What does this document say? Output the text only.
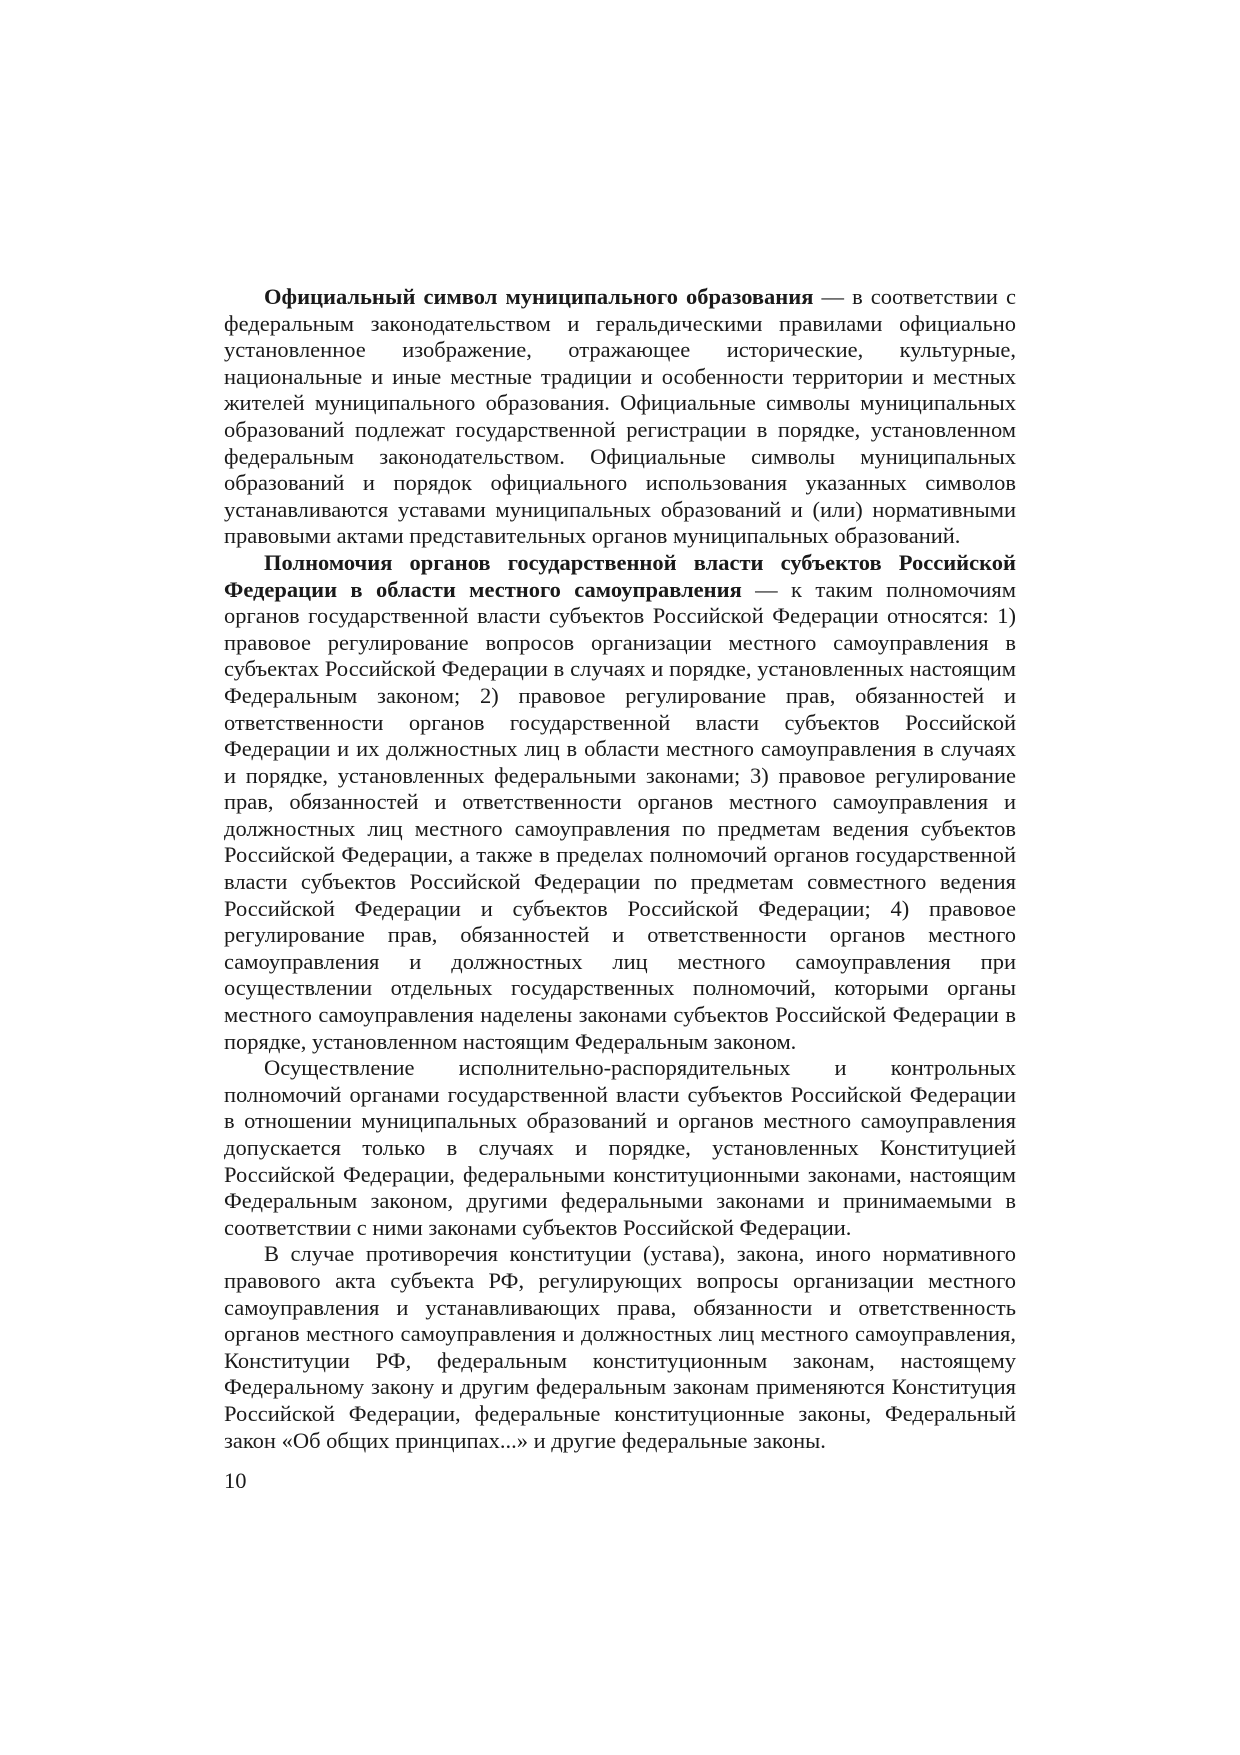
Официальный символ муниципального образования — в соответствии с федеральным законодательством и геральдическими правилами официально установленное изображение, отражающее исторические, культурные, национальные и иные местные традиции и особенности территории и местных жителей муниципального образования. Официальные символы муниципальных образований подлежат государственной регистрации в порядке, установленном федеральным законодательством. Официальные символы муниципальных образований и порядок официального использования указанных символов устанавливаются уставами муниципальных образований и (или) нормативными правовыми актами представительных органов муниципальных образований.

Полномочия органов государственной власти субъектов Российской Федерации в области местного самоуправления — к таким полномочиям органов государственной власти субъектов Российской Федерации относятся: 1) правовое регулирование вопросов организации местного самоуправления в субъектах Российской Федерации в случаях и порядке, установленных настоящим Федеральным законом; 2) правовое регулирование прав, обязанностей и ответственности органов государственной власти субъектов Российской Федерации и их должностных лиц в области местного самоуправления в случаях и порядке, установленных федеральными законами; 3) правовое регулирование прав, обязанностей и ответственности органов местного самоуправления и должностных лиц местного самоуправления по предметам ведения субъектов Российской Федерации, а также в пределах полномочий органов государственной власти субъектов Российской Федерации по предметам совместного ведения Российской Федерации и субъектов Российской Федерации; 4) правовое регулирование прав, обязанностей и ответственности органов местного самоуправления и должностных лиц местного самоуправления при осуществлении отдельных государственных полномочий, которыми органы местного самоуправления наделены законами субъектов Российской Федерации в порядке, установленном настоящим Федеральным законом.

Осуществление исполнительно-распорядительных и контрольных полномочий органами государственной власти субъектов Российской Федерации в отношении муниципальных образований и органов местного самоуправления допускается только в случаях и порядке, установленных Конституцией Российской Федерации, федеральными конституционными законами, настоящим Федеральным законом, другими федеральными законами и принимаемыми в соответствии с ними законами субъектов Российской Федерации.

В случае противоречия конституции (устава), закона, иного нормативного правового акта субъекта РФ, регулирующих вопросы организации местного самоуправления и устанавливающих права, обязанности и ответственность органов местного самоуправления и должностных лиц местного самоуправления, Конституции РФ, федеральным конституционным законам, настоящему Федеральному закону и другим федеральным законам применяются Конституция Российской Федерации, федеральные конституционные законы, Федеральный закон «Об общих принципах...» и другие федеральные законы.

10
